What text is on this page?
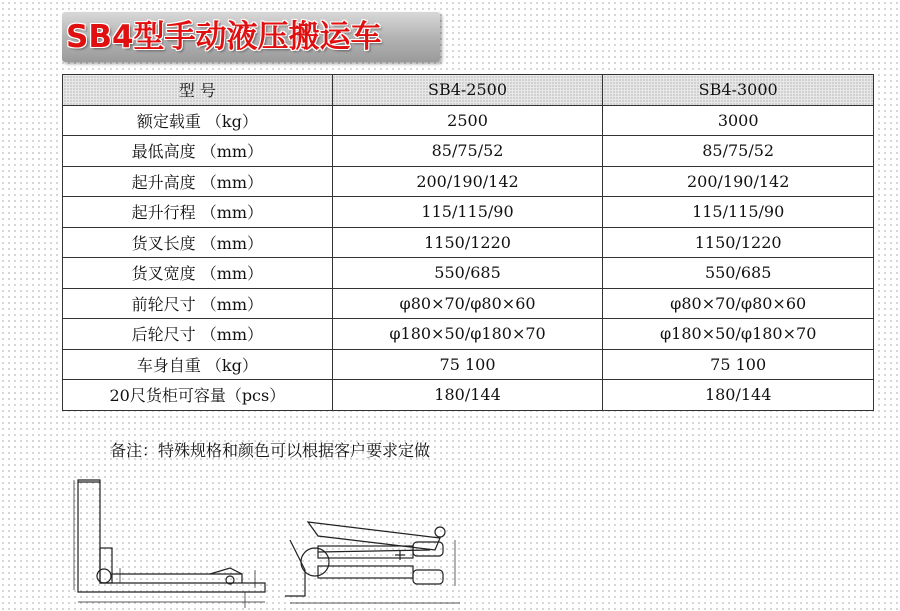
SB4型手动液压搬运车
型 号	SB4-2500	SB4-3000
额定载重 （kg）	2500	3000
最低高度 （mm）	85/75/52	85/75/52
起升高度 （mm）	200/190/142	200/190/142
起升行程 （mm）	115/115/90	115/115/90
货叉长度 （mm）	1150/1220	1150/1220
货叉宽度 （mm）	550/685	550/685
前轮尺寸 （mm）	φ80×70/φ80×60	φ80×70/φ80×60
后轮尺寸 （mm）	φ180×50/φ180×70	φ180×50/φ180×70
车身自重 （kg）	75 100	75 100
20尺货柜可容量（pcs）	180/144	180/144
备注：特殊规格和颜色可以根据客户要求定做
